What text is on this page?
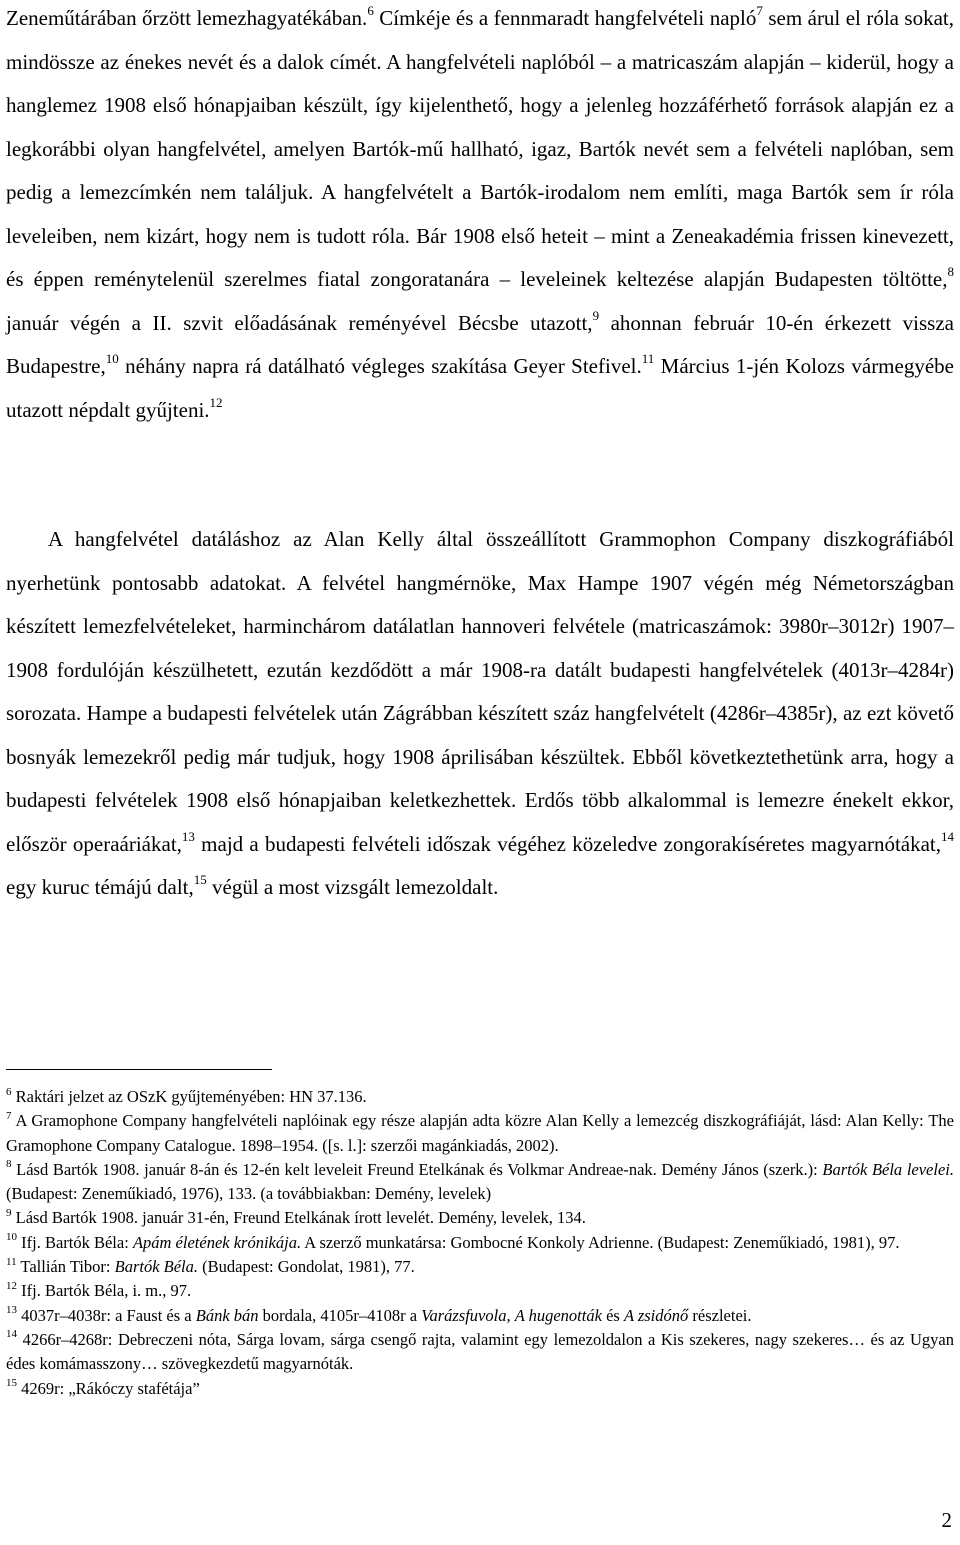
Zeneműtárában őrzött lemezhagyatékában.$^6$ Címkéje és a fennmaradt hangfelvételi napló$^7$ sem árul el róla sokat, mindössze az énekes nevét és a dalok címét. A hangfelvételi naplóból – a matricaszám alapján – kiderül, hogy a hanglemez 1908 első hónapjaiban készült, így kijelenthető, hogy a jelenleg hozzáférhető források alapján ez a legkorábbi olyan hangfelvétel, amelyen Bartók-mű hallható, igaz, Bartók nevét sem a felvételi naplóban, sem pedig a lemezcímkén nem találjuk. A hangfelvételt a Bartók-irodalom nem említi, maga Bartók sem ír róla leveleiben, nem kizárt, hogy nem is tudott róla. Bár 1908 első heteit – mint a Zeneakadémia frissen kinevezett, és éppen reménytelenül szerelmes fiatal zongoratanára – leveleinek keltezése alapján Budapesten töltötte,$^8$ január végén a II. szvit előadásának reményével Bécsbe utazott,$^9$ ahonnan február 10-én érkezett vissza Budapestre,$^{10}$ néhány napra rá datálható végleges szakítása Geyer Stefivel.$^{11}$ Március 1-jén Kolozs vármegyébe utazott népdalt gyűjteni.$^{12}$

A hangfelvétel datáláshoz az Alan Kelly által összeállított Grammophon Company diszkográfiából nyerhetünk pontosabb adatokat. A felvétel hangmérnöke, Max Hampe 1907 végén még Németországban készített lemezfelvételeket, harminchárom datálatlan hannoveri felvétele (matricaszámok: 3980r–3012r) 1907–1908 fordulóján készülhetett, ezután kezdődött a már 1908-ra datált budapesti hangfelvételek (4013r–4284r) sorozata. Hampe a budapesti felvételek után Zágrábban készített száz hangfelvételt (4286r–4385r), az ezt követő bosnyák lemezekről pedig már tudjuk, hogy 1908 áprilisában készültek. Ebből következtethetünk arra, hogy a budapesti felvételek 1908 első hónapjaiban keletkezhettek. Erdős több alkalommal is lemezre énekelt ekkor, először operaáriákat,$^{13}$ majd a budapesti felvételi időszak végéhez közeledve zongorakíséretes magyarnótákat,$^{14}$ egy kuruc témájú dalt,$^{15}$ végül a most vizsgált lemezoldalt.

$^6$ Raktári jelzet az OSzK gyűjteményében: HN 37.136.

$^7$ A Gramophone Company hangfelvételi naplóinak egy része alapján adta közre Alan Kelly a lemezcég diszkográfiáját, lásd: Alan Kelly: The Gramophone Company Catalogue. 1898–1954. ([s. l.]: szerzői magánkiadás, 2002).

$^8$ Lásd Bartók 1908. január 8-án és 12-én kelt leveleit Freund Etelkának és Volkmar Andreae-nak. Demény János (szerk.): Bartók Béla levelei. (Budapest: Zeneműkiadó, 1976), 133. (a továbbiakban: Demény, levelek)

$^9$ Lásd Bartók 1908. január 31-én, Freund Etelkának írott levelét. Demény, levelek, 134.

$^{10}$ Ifj. Bartók Béla: Apám életének krónikája. A szerző munkatársa: Gombocné Konkoly Adrienne. (Budapest: Zeneműkiadó, 1981), 97.

$^{11}$ Tallián Tibor: Bartók Béla. (Budapest: Gondolat, 1981), 77.

$^{12}$ Ifj. Bartók Béla, i. m., 97.

$^{13}$ 4037r–4038r: a Faust és a Bánk bán bordala, 4105r–4108r a Varázsfuvola, A hugenották és A zsidónő részletei.

$^{14}$ 4266r–4268r: Debreczeni nóta, Sárga lovam, sárga csengő rajta, valamint egy lemezoldalon a Kis szekeres, nagy szekeres… és az Ugyan édes komámasszony… szövegkezdetű magyarnóták.

$^{15}$ 4269r: „Rákóczy stafétája”

2
